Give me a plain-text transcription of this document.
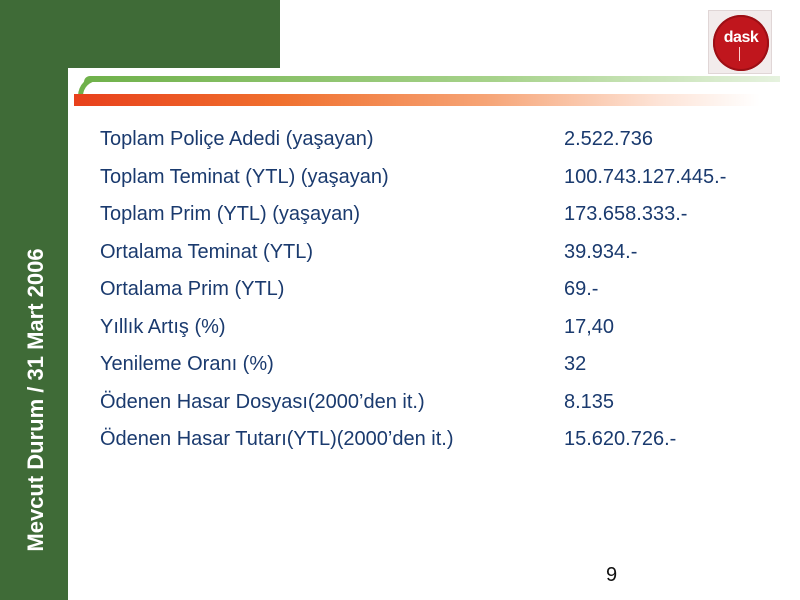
Mevcut Durum / 31 Mart 2006
dask
Toplam Poliçe Adedi (yaşayan)	2.522.736
Toplam Teminat (YTL) (yaşayan)	100.743.127.445.-
Toplam Prim (YTL) (yaşayan)	173.658.333.-
Ortalama Teminat (YTL)	39.934.-
Ortalama Prim (YTL)	69.-
Yıllık Artış (%)	17,40
Yenileme Oranı (%)	32
Ödenen Hasar Dosyası(2000’den it.)	8.135
Ödenen Hasar Tutarı(YTL)(2000’den it.)	15.620.726.-
9
